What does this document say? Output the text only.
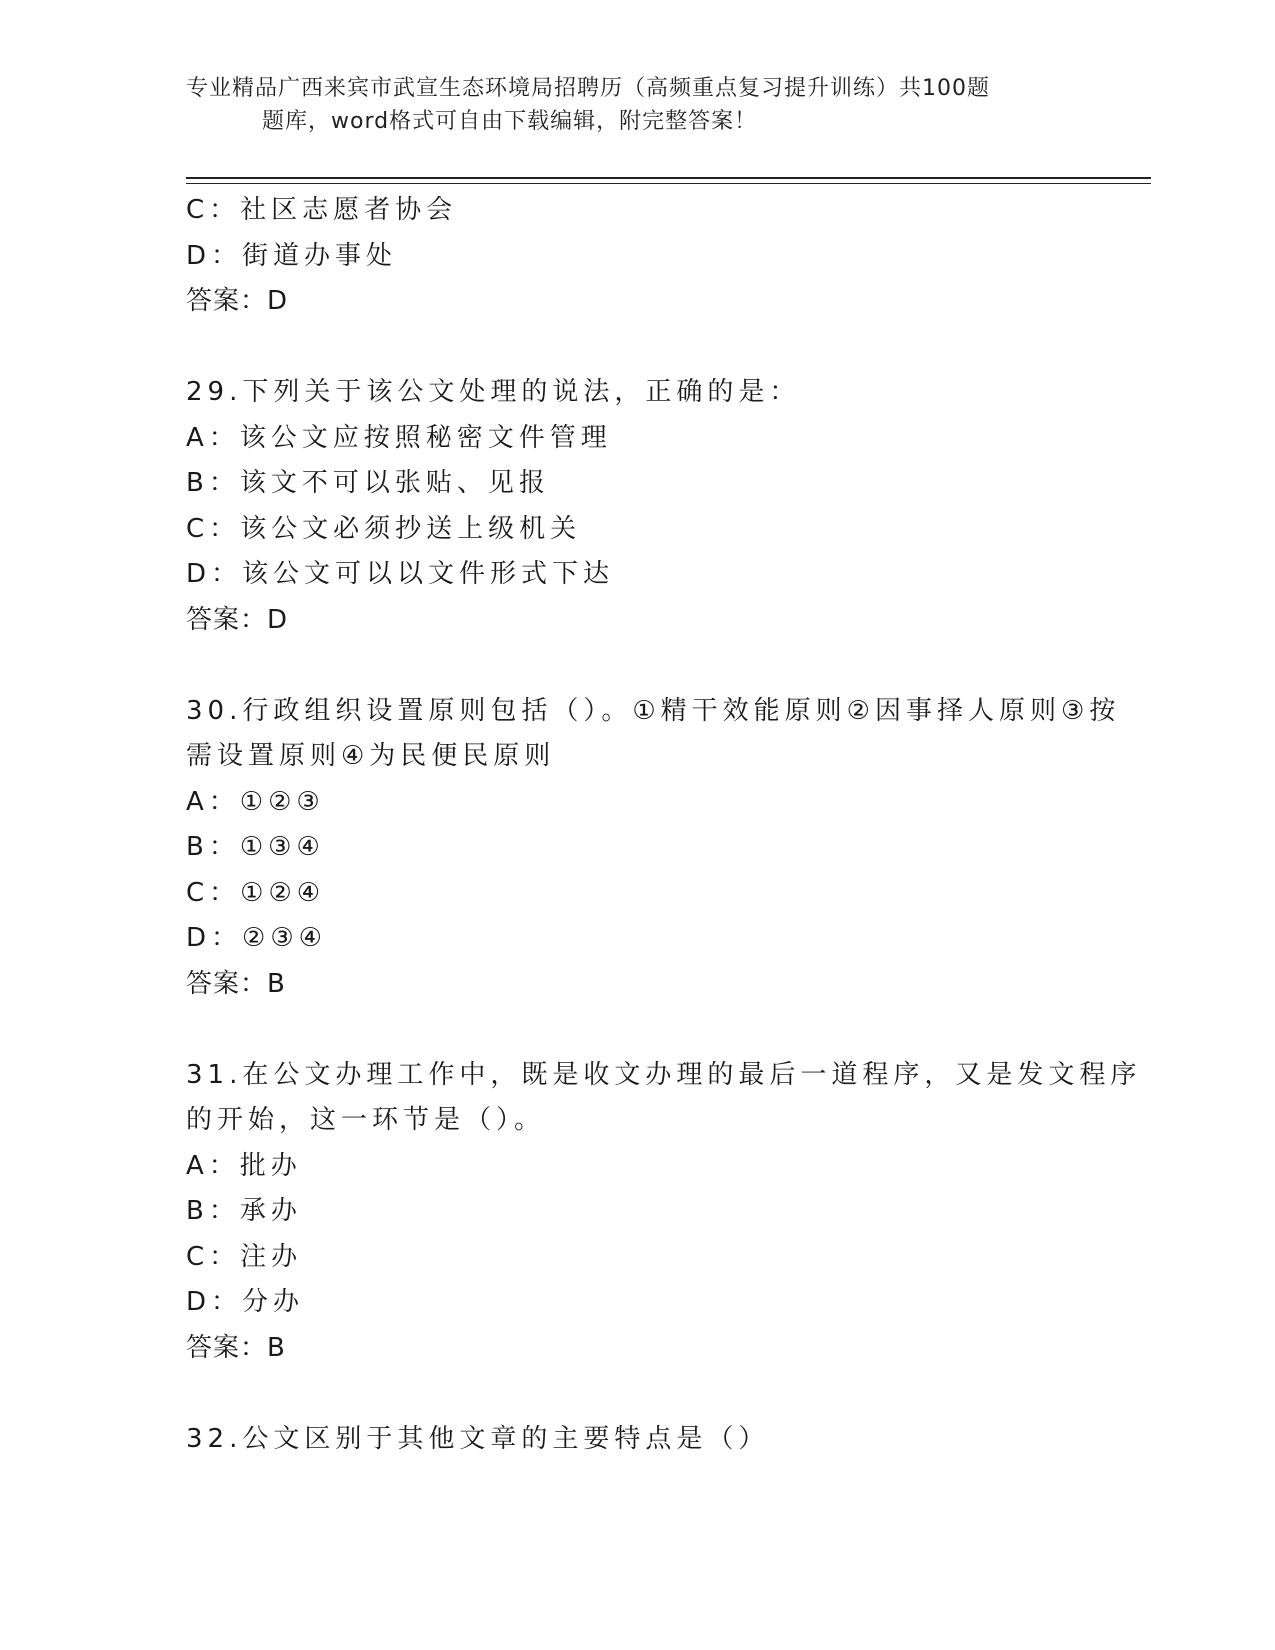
专业精品广西来宾市武宣生态环境局招聘历（高频重点复习提升训练）共100题
题库，word格式可自由下载编辑，附完整答案！
C：社区志愿者协会
D：街道办事处
答案：D
29.下列关于该公文处理的说法，正确的是：
A：该公文应按照秘密文件管理
B：该文不可以张贴、见报
C：该公文必须抄送上级机关
D：该公文可以以文件形式下达
答案：D
30.行政组织设置原则包括（）。①精干效能原则②因事择人原则③按
需设置原则④为民便民原则
A：①②③
B：①③④
C：①②④
D：②③④
答案：B
31.在公文办理工作中，既是收文办理的最后一道程序，又是发文程序
的开始，这一环节是（）。
A：批办
B：承办
C：注办
D：分办
答案：B
32.公文区别于其他文章的主要特点是（）
